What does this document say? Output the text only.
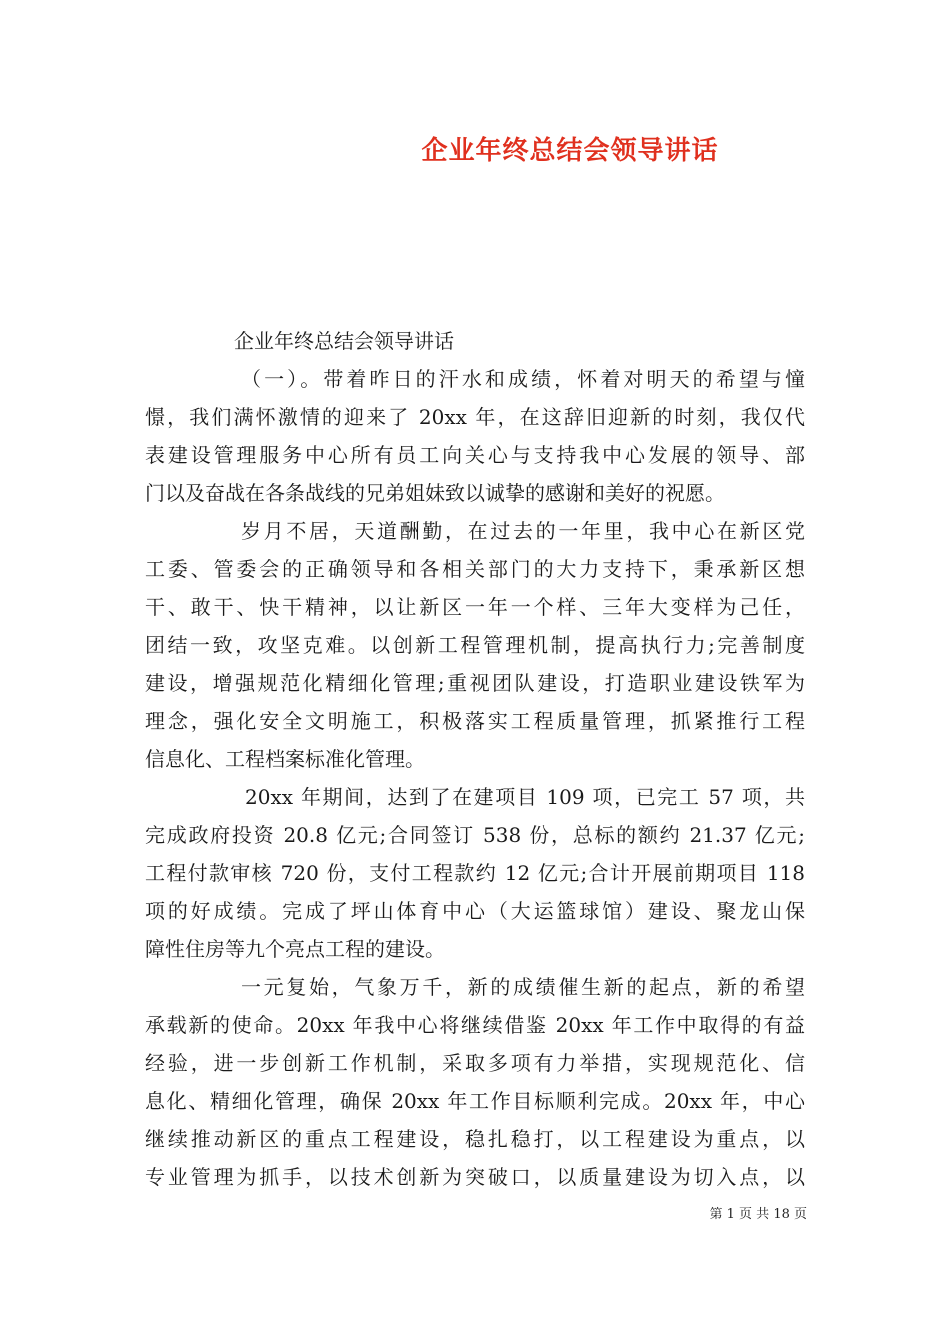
企业年终总结会领导讲话

企业年终总结会领导讲话

（一）。带着昨日的汗水和成绩，怀着对明天的希望与憧

憬，我们满怀激情的迎来了 20xx 年，在这辞旧迎新的时刻，我仅代

表建设管理服务中心所有员工向关心与支持我中心发展的领导、部

门以及奋战在各条战线的兄弟姐妹致以诚挚的感谢和美好的祝愿。

岁月不居，天道酬勤，在过去的一年里，我中心在新区党

工委、管委会的正确领导和各相关部门的大力支持下，秉承新区想

干、敢干、快干精神，以让新区一年一个样、三年大变样为己任，

团结一致，攻坚克难。以创新工程管理机制，提高执行力;完善制度

建设，增强规范化精细化管理;重视团队建设，打造职业建设铁军为

理念，强化安全文明施工，积极落实工程质量管理，抓紧推行工程

信息化、工程档案标准化管理。

20xx 年期间，达到了在建项目 109 项，已完工 57 项，共

完成政府投资 20.8 亿元;合同签订 538 份，总标的额约 21.37 亿元;

工程付款审核 720 份，支付工程款约 12 亿元;合计开展前期项目 118

项的好成绩。完成了坪山体育中心（大运篮球馆）建设、聚龙山保

障性住房等九个亮点工程的建设。

一元复始，气象万千，新的成绩催生新的起点，新的希望

承载新的使命。20xx 年我中心将继续借鉴 20xx 年工作中取得的有益

经验，进一步创新工作机制，采取多项有力举措，实现规范化、信

息化、精细化管理，确保 20xx 年工作目标顺利完成。20xx 年，中心

继续推动新区的重点工程建设，稳扎稳打，以工程建设为重点，以

专业管理为抓手，以技术创新为突破口，以质量建设为切入点，以

第 1 页 共 18 页
